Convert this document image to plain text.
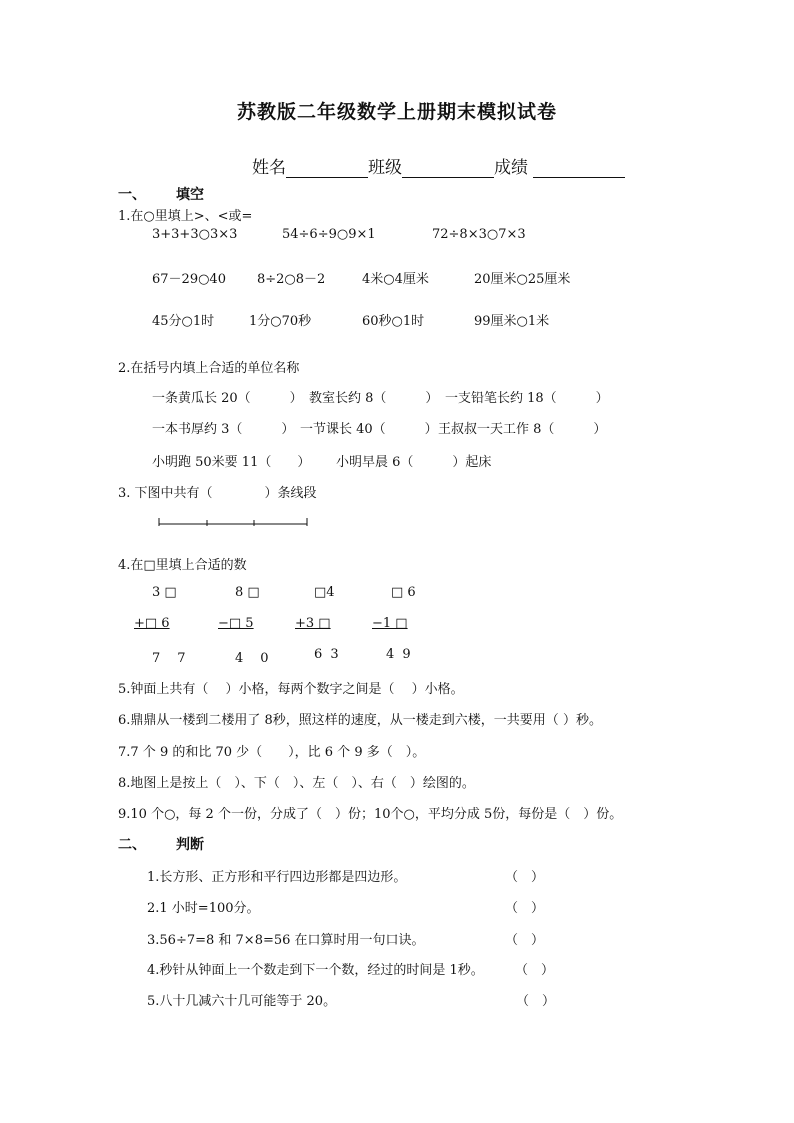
苏教版二年级数学上册期末模拟试卷
姓名	班级	成绩
一、 填空
1.在○里填上>、<或=
3+3+3○3×3	54÷6÷9○9×1	72÷8×3○7×3
67－29○40 8÷2○8－2	4米○4厘米	20厘米○25厘米
45分○1时	1分○70秒	60秒○1时	99厘米○1米
2.在括号内填上合适的单位名称
一条黄瓜长 20（　　　） 教室长约 8（　　　） 一支铅笔长约 18（　　　）
一本书厚约 3（　　　） 一节课长 40（　　　） 王叔叔一天工作 8（　　　）
小明跑 50米要 11（　　） 小明早晨 6（　　　）起床
3. 下图中共有（　　　　）条线段
4.在□里填上合适的数
3 □	8 □	□4	□ 6
+□ 6	−□ 5	+3 □	−1 □
7　7	4　0	6 3	4 9
5.钟面上共有（　 ）小格，每两个数字之间是（　 ）小格。
6.鼎鼎从一楼到二楼用了 8秒，照这样的速度，从一楼走到六楼，一共要用（ ）秒。
7.7 个 9 的和比 70 少（　　），比 6 个 9 多（　）。
8.地图上是按上（　）、下（　）、左（　）、右（　）绘图的。
9.10 个○，每 2 个一份，分成了（　）份；10个○，平均分成 5份，每份是（　）份。
二、 判断
1.长方形、正方形和平行四边形都是四边形。	（　）
2.1 小时=100分。	（　）
3.56÷7=8 和 7×8=56 在口算时用一句口诀。	（　）
4.秒针从钟面上一个数走到下一个数，经过的时间是 1秒。 （　）
5.八十几减六十几可能等于 20。	（　）
